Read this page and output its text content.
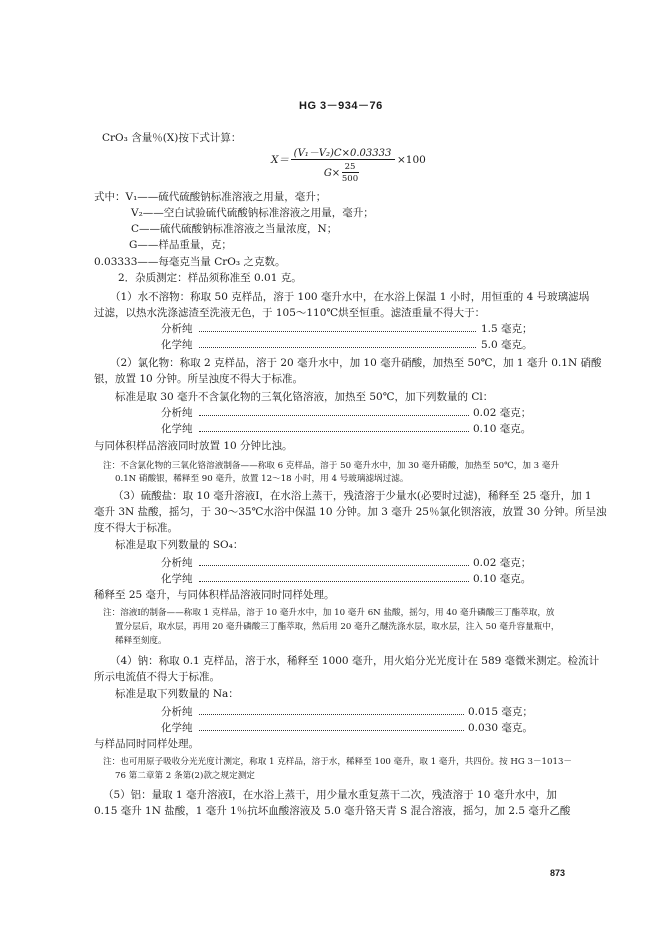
HG 3－934－76
CrO₃ 含量％(X)按下式计算：
X＝
(V₁－V₂)C×0.03333
G×
25
500
×100
式中：V₁——硫代硫酸钠标准溶液之用量，毫升；
V₂——空白试验硫代硫酸钠标准溶液之用量，毫升；
C——硫代硫酸钠标准溶液之当量浓度，N；
G——样品重量，克；
0.03333——每毫克当量 CrO₃ 之克数。
2．杂质测定：样品须称准至 0.01 克。
（1）水不溶物：称取 50 克样品，溶于 100 毫升水中，在水浴上保温 1 小时，用恒重的 4 号玻璃滤埚
过滤，以热水洗涤滤渣至洗液无色，于 105～110℃烘至恒重。滤渣重量不得大于：
分析纯	1.5 毫克；
化学纯	5.0 毫克。
（2）氯化物：称取 2 克样品，溶于 20 毫升水中，加 10 毫升硝酸，加热至 50℃，加 1 毫升 0.1N 硝酸
银，放置 10 分钟。所呈浊度不得大于标准。
标准是取 30 毫升不含氯化物的三氧化铬溶液，加热至 50℃，加下列数量的 Cl：
分析纯	0.02 毫克；
化学纯	0.10 毫克。
与同体积样品溶液同时放置 10 分钟比浊。
注：不含氯化物的三氧化铬溶液制备——称取 6 克样品，溶于 50 毫升水中，加 30 毫升硝酸，加热至 50℃，加 3 毫升
0.1N 硝酸银，稀释至 90 毫升，放置 12～18 小时，用 4 号玻璃滤埚过滤。
（3）硫酸盐：取 10 毫升溶液Ⅰ，在水浴上蒸干，残渣溶于少量水(必要时过滤)，稀释至 25 毫升，加 1
毫升 3N 盐酸，摇匀，于 30～35℃水浴中保温 10 分钟。加 3 毫升 25％氯化钡溶液，放置 30 分钟。所呈浊
度不得大于标准。
标准是取下列数量的 SO₄：
分析纯	0.02 毫克；
化学纯	0.10 毫克。
稀释至 25 毫升，与同体积样品溶液同时同样处理。
注：溶液Ⅰ的制备——称取 1 克样品，溶于 10 毫升水中，加 10 毫升 6N 盐酸，摇匀，用 40 毫升磷酸三丁酯萃取，放
置分层后，取水层，再用 20 毫升磷酸三丁酯萃取，然后用 20 毫升乙醚洗涤水层，取水层，注入 50 毫升容量瓶中，
稀释至刻度。
（4）钠：称取 0.1 克样品，溶于水，稀释至 1000 毫升，用火焰分光光度计在 589 毫微米测定。检流计
所示电流值不得大于标准。
标准是取下列数量的 Na：
分析纯	0.015 毫克；
化学纯	0.030 毫克。
与样品同时同样处理。
注：也可用原子吸收分光光度计测定，称取 1 克样品，溶于水，稀释至 100 毫升，取 1 毫升，共四份。按 HG 3－1013－
76 第二章第 2 条第(2)款之规定测定
（5）铝：量取 1 毫升溶液Ⅰ，在水浴上蒸干，用少量水重复蒸干二次，残渣溶于 10 毫升水中，加
0.15 毫升 1N 盐酸，1 毫升 1％抗坏血酸溶液及 5.0 毫升铬天青 S 混合溶液，摇匀，加 2.5 毫升乙酸
873
